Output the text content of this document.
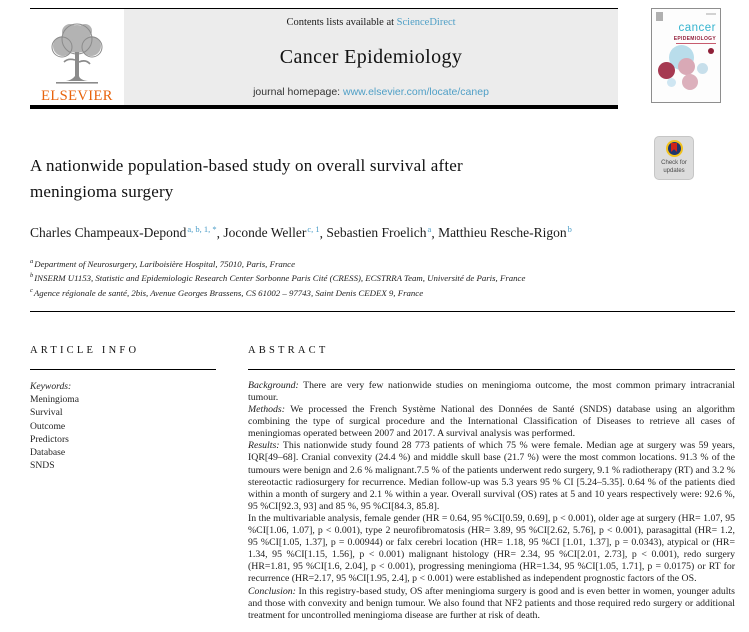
ELSEVIER
Contents lists available at ScienceDirect
Cancer Epidemiology
journal homepage: www.elsevier.com/locate/canep
cancer
EPIDEMIOLOGY
Check for
updates
A nationwide population-based study on overall survival after meningioma surgery
Charles Champeaux-Depond$^{a, b, 1, *}$, Joconde Weller$^{c, 1}$, Sebastien Froelich$^a$, Matthieu Resche-Rigon$^b$
$^a$Department of Neurosurgery, Lariboisière Hospital, 75010, Paris, France
$^b$INSERM U1153, Statistic and Epidemiologic Research Center Sorbonne Paris Cité (CRESS), ECSTRRA Team, Université de Paris, France
$^c$Agence régionale de santé, 2bis, Avenue Georges Brassens, CS 61002 – 97743, Saint Denis CEDEX 9, France
ARTICLE INFO
Keywords:
Meningioma
Survival
Outcome
Predictors
Database
SNDS
ABSTRACT

Background: There are very few nationwide studies on meningioma outcome, the most common primary intracranial tumour.

Methods: We processed the French Système National des Données de Santé (SNDS) database using an algorithm combining the type of surgical procedure and the International Classification of Diseases to retrieve all cases of meningiomas operated between 2007 and 2017. A survival analysis was performed.

Results: This nationwide study found 28 773 patients of which 75 % were female. Median age at surgery was 59 years, IQR[49–68]. Cranial convexity (24.4 %) and middle skull base (21.7 %) were the most common locations. 91.3 % of the tumours were benign and 2.6 % malignant.7.5 % of the patients underwent redo surgery, 9.1 % radiotherapy (RT) and 3.2 % stereotactic radiosurgery for recurrence. Median follow-up was 5.3 years 95 % CI [5.24–5.35]. 0.64 % of the patients died within a month of surgery and 2.1 % within a year. Overall survival (OS) rates at 5 and 10 years respectively were: 92.6 %, 95 %CI[92.3, 93] and 85 %, 95 %CI[84.3, 85.8].

In the multivariable analysis, female gender (HR = 0.64, 95 %CI[0.59, 0.69], p < 0.001), older age at surgery (HR= 1.07, 95 %CI[1.06, 1.07], p < 0.001), type 2 neurofibromatosis (HR= 3.89, 95 %CI[2.62, 5.76], p < 0.001), parasagittal (HR= 1.2, 95 %CI[1.05, 1.37], p = 0.00944) or falx cerebri location (HR= 1.18, 95 %CI [1.01, 1.37], p = 0.0343), atypical or (HR= 1.34, 95 %CI[1.15, 1.56], p < 0.001) malignant histology (HR= 2.34, 95 %CI[2.01, 2.73], p < 0.001), redo surgery (HR=1.81, 95 %CI[1.6, 2.04], p < 0.001), progressing meningioma (HR=1.34, 95 %CI[1.05, 1.71], p = 0.0175) or RT for recurrence (HR=2.17, 95 %CI[1.95, 2.4], p < 0.001) were established as independent prognostic factors of the OS.

Conclusion: In this registry-based study, OS after meningioma surgery is good and is even better in women, younger adults and those with convexity and benign tumour. We also found that NF2 patients and those required redo surgery or additional treatment for uncontrolled meningioma disease are further at risk of death.
